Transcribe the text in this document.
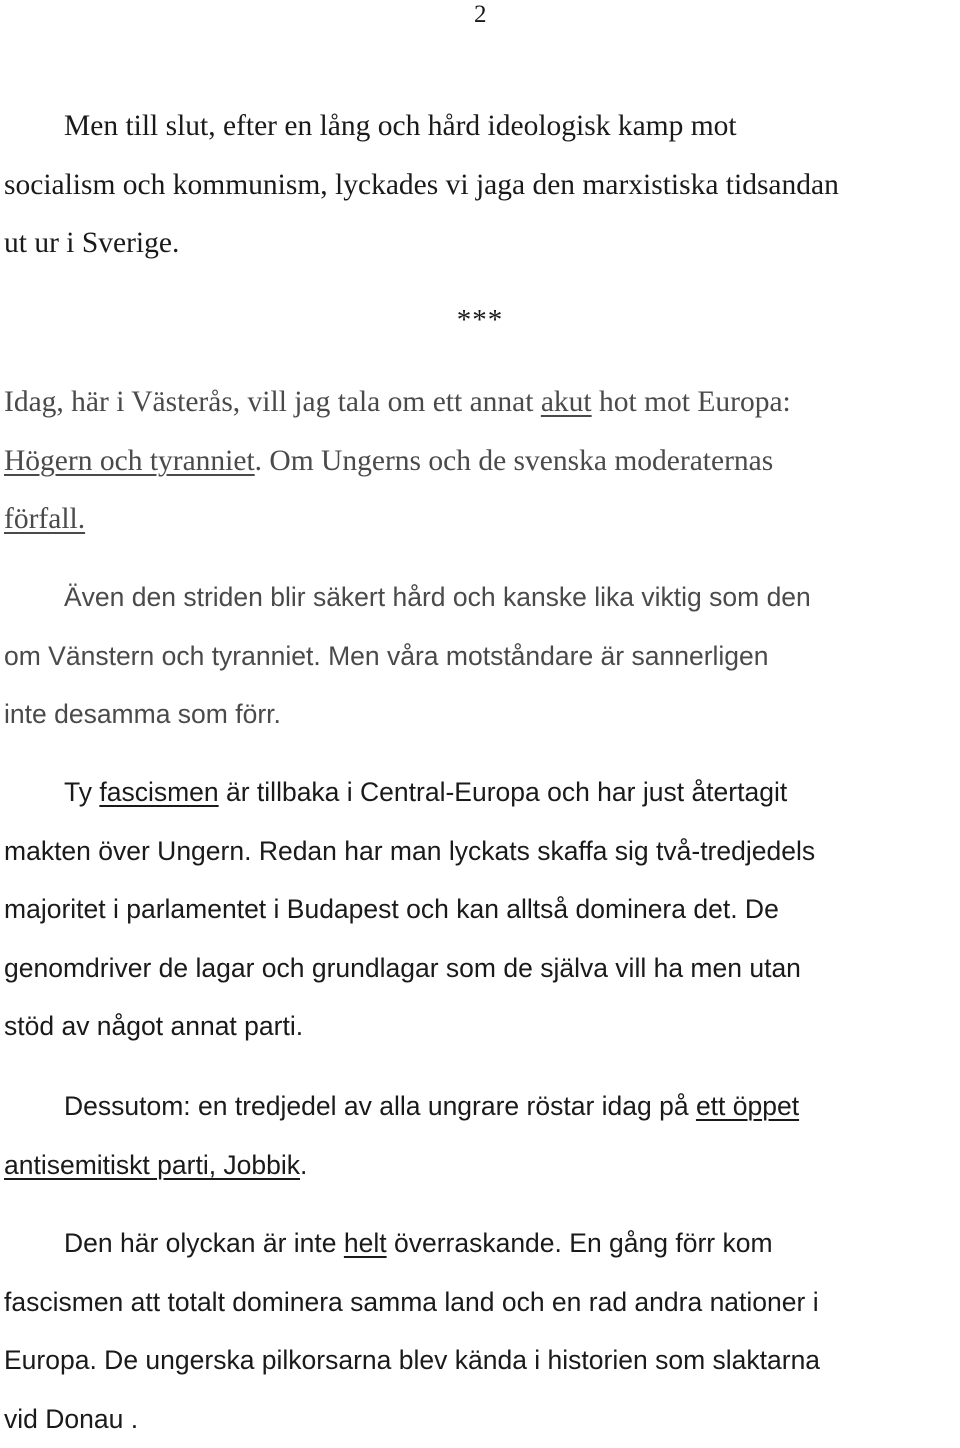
2
Men till slut, efter en lång och hård ideologisk kamp mot
socialism och kommunism, lyckades vi jaga den marxistiska tidsandan
ut ur i Sverige.
***
Idag, här i Västerås, vill jag tala om ett annat akut hot mot Europa:
Högern och tyranniet. Om Ungerns och de svenska moderaternas
förfall.
Även den striden blir säkert hård och kanske lika viktig som den
om Vänstern och tyranniet. Men våra motståndare är sannerligen
inte desamma som förr.
Ty fascismen är tillbaka i Central-Europa och har just återtagit
makten över Ungern. Redan har man lyckats skaffa sig två-tredjedels
majoritet i parlamentet i Budapest och kan alltså dominera det. De
genomdriver de lagar och grundlagar som de själva vill ha men utan
stöd av något annat parti.
Dessutom: en tredjedel av alla ungrare röstar idag på ett öppet
antisemitiskt parti, Jobbik.
Den här olyckan är inte helt överraskande. En gång förr kom
fascismen att totalt dominera samma land och en rad andra nationer i
Europa. De ungerska pilkorsarna blev kända i historien som slaktarna
vid Donau .
